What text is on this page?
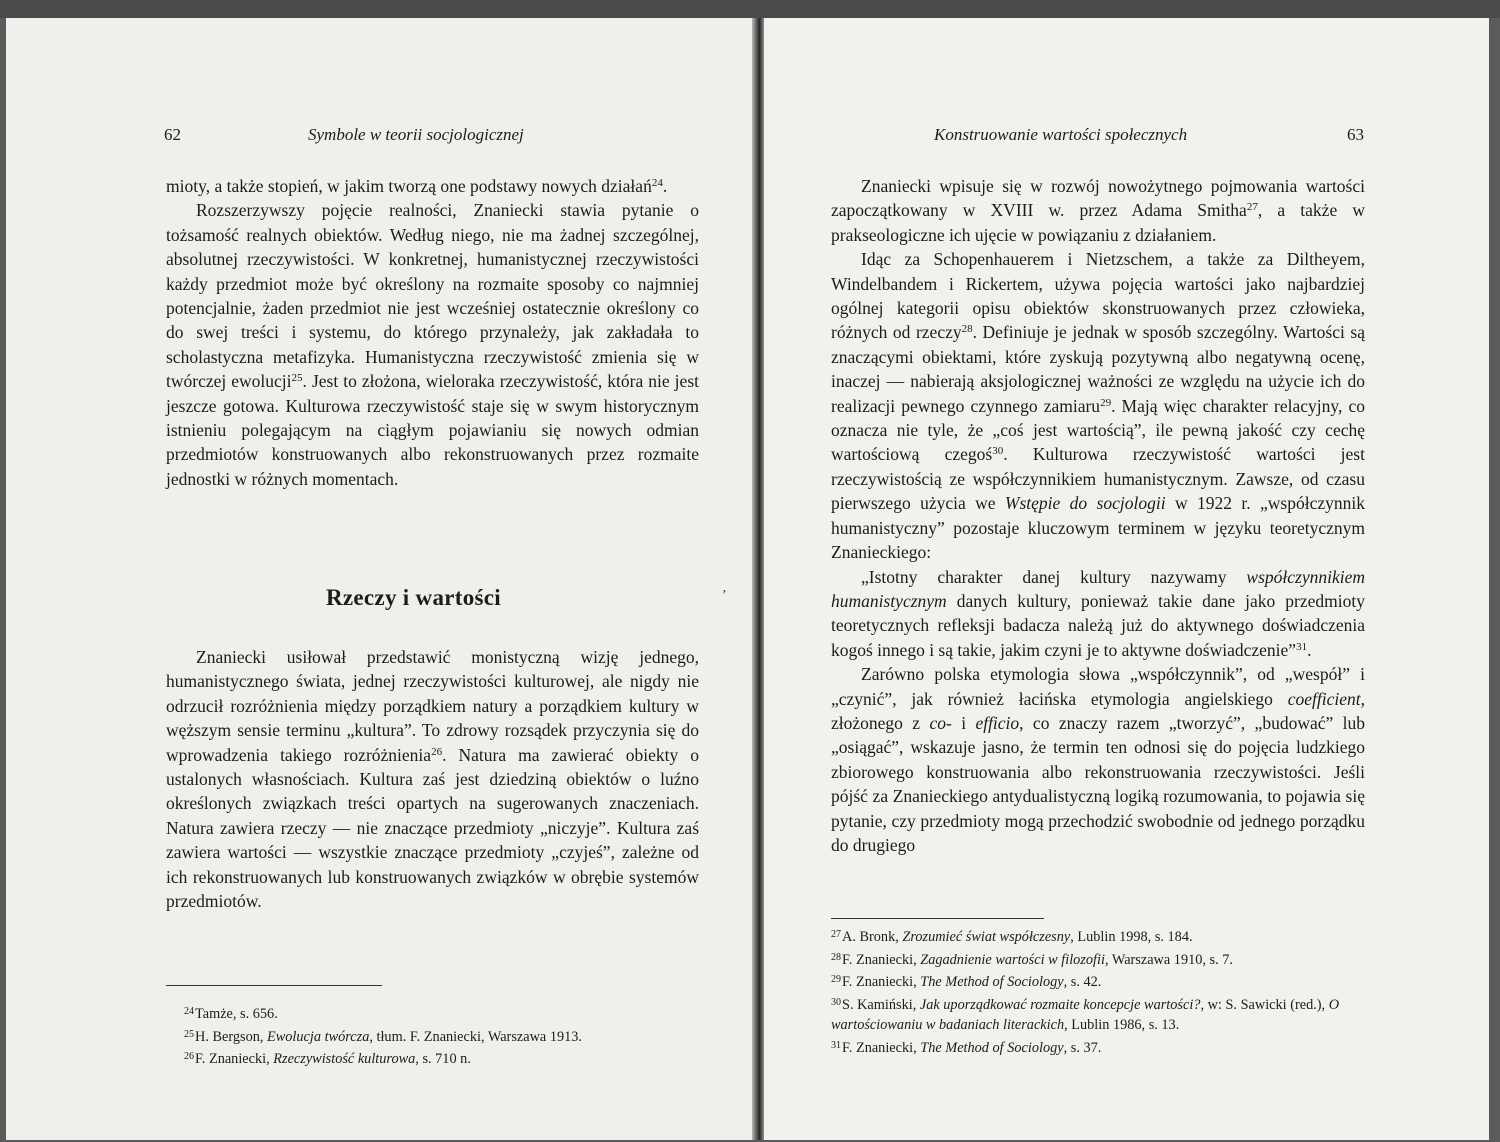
62	Symbole w teorii socjologicznej

mioty, a także stopień, w jakim tworzą one podstawy nowych działań$^{24}$.

Rozszerzywszy pojęcie realności, Znaniecki stawia pytanie o tożsamość realnych obiektów. Według niego, nie ma żadnej szczególnej, absolutnej rzeczywistości. W konkretnej, humanistycznej rzeczywistości każdy przedmiot może być określony na rozmaite sposoby co najmniej potencjalnie, żaden przedmiot nie jest wcześniej ostatecznie określony co do swej treści i systemu, do którego przynależy, jak zakładała to scholastyczna metafizyka. Humanistyczna rzeczywistość zmienia się w twórczej ewolucji$^{25}$. Jest to złożona, wieloraka rzeczywistość, która nie jest jeszcze gotowa. Kulturowa rzeczywistość staje się w swym historycznym istnieniu polegającym na ciągłym pojawianiu się nowych odmian przedmiotów konstruowanych albo rekonstruowanych przez rozmaite jednostki w różnych momentach.

Rzeczy i wartości	’

Znaniecki usiłował przedstawić monistyczną wizję jednego, humanistycznego świata, jednej rzeczywistości kulturowej, ale nigdy nie odrzucił rozróżnienia między porządkiem natury a porządkiem kultury w węższym sensie terminu „kultura”. To zdrowy rozsądek przyczynia się do wprowadzenia takiego rozróżnienia$^{26}$. Natura ma zawierać obiekty o ustalonych własnościach. Kultura zaś jest dziedziną obiektów o luźno określonych związkach treści opartych na sugerowanych znaczeniach. Natura zawiera rzeczy — nie znaczące przedmioty „niczyje”. Kultura zaś zawiera wartości — wszystkie znaczące przedmioty „czyjeś”, zależne od ich rekonstruowanych lub konstruowanych związków w obrębie systemów przedmiotów.

$^{24}$Tamże, s. 656.
$^{25}$H. Bergson, Ewolucja twórcza, tłum. F. Znaniecki, Warszawa 1913.
$^{26}$F. Znaniecki, Rzeczywistość kulturowa, s. 710 n.
Konstruowanie wartości społecznych	63

Znaniecki wpisuje się w rozwój nowożytnego pojmowania wartości zapoczątkowany w XVIII w. przez Adama Smitha$^{27}$, a także w prakseologiczne ich ujęcie w powiązaniu z działaniem.

Idąc za Schopenhauerem i Nietzschem, a także za Diltheyem, Windelbandem i Rickertem, używa pojęcia wartości jako najbardziej ogólnej kategorii opisu obiektów skonstruowanych przez człowieka, różnych od rzeczy$^{28}$. Definiuje je jednak w sposób szczególny. Wartości są znaczącymi obiektami, które zyskują pozytywną albo negatywną ocenę, inaczej — nabierają aksjologicznej ważności ze względu na użycie ich do realizacji pewnego czynnego zamiaru$^{29}$. Mają więc charakter relacyjny, co oznacza nie tyle, że „coś jest wartością”, ile pewną jakość czy cechę wartościową czegoś$^{30}$. Kulturowa rzeczywistość wartości jest rzeczywistością ze współczynnikiem humanistycznym. Zawsze, od czasu pierwszego użycia we Wstępie do socjologii w 1922 r. „współczynnik humanistyczny” pozostaje kluczowym terminem w języku teoretycznym Znanieckiego:

„Istotny charakter danej kultury nazywamy współczynnikiem humanistycznym danych kultury, ponieważ takie dane jako przedmioty teoretycznych refleksji badacza należą już do aktywnego doświadczenia kogoś innego i są takie, jakim czyni je to aktywne doświadczenie”$^{31}$.

Zarówno polska etymologia słowa „współczynnik”, od „wespół” i „czynić”, jak również łacińska etymologia angielskiego coefficient, złożonego z co- i efficio, co znaczy razem „tworzyć”, „budować” lub „osiągać”, wskazuje jasno, że termin ten odnosi się do pojęcia ludzkiego zbiorowego konstruowania albo rekonstruowania rzeczywistości. Jeśli pójść za Znanieckiego antydualistyczną logiką rozumowania, to pojawia się pytanie, czy przedmioty mogą przechodzić swobodnie od jednego porządku do drugiego

$^{27}$A. Bronk, Zrozumieć świat współczesny, Lublin 1998, s. 184.
$^{28}$F. Znaniecki, Zagadnienie wartości w filozofii, Warszawa 1910, s. 7.
$^{29}$F. Znaniecki, The Method of Sociology, s. 42.
$^{30}$S. Kamiński, Jak uporządkować rozmaite koncepcje wartości?, w: S. Sawicki (red.), O wartościowaniu w badaniach literackich, Lublin 1986, s. 13.
$^{31}$F. Znaniecki, The Method of Sociology, s. 37.
